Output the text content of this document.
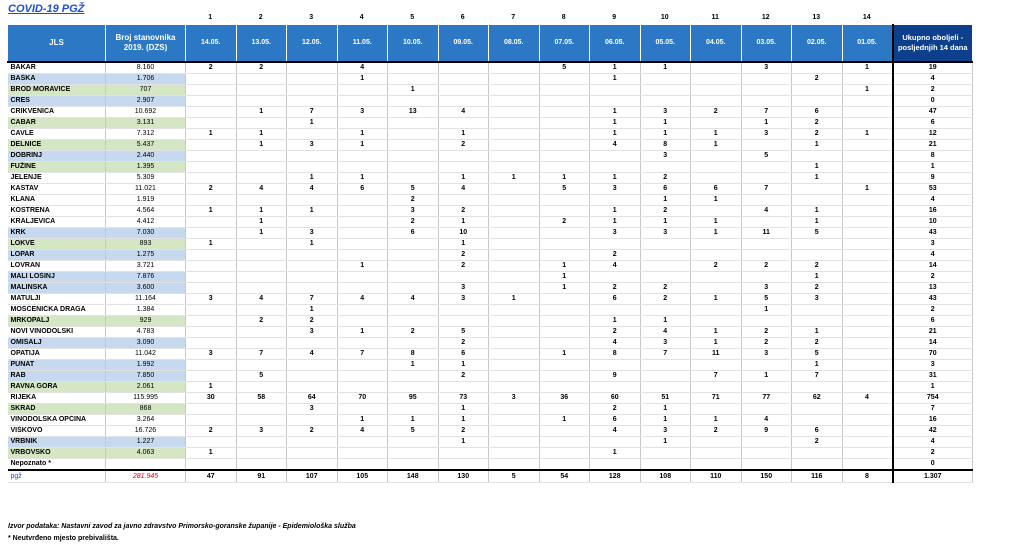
COVID-19 PGŽ
1	2	3	4	5	6	7	8	9	10	11	12	13	14
JLS	Broj stanovnika 2019. (DZS)	14.05.	13.05.	12.05.	11.05.	10.05.	09.05.	08.05.	07.05.	06.05.	05.05.	04.05.	03.05.	02.05.	01.05.	Ukupno oboljeli - posljednjih 14 dana
BAKAR	8.160	2	2		4				5	1	1		3		1	19
BAŠKA	1.706				1					1				2		4
BROD MORAVICE	707					1									1	2
CRES	2.907															0
CRIKVENICA	10.692		1	7	3	13	4			1	3	2	7	6		47
ČABAR	3.131			1						1	1		1	2		6
ČAVLE	7.312	1	1		1		1			1	1	1	3	2	1	12
DELNICE	5.437		1	3	1		2			4	8	1		1		21
DOBRINJ	2.440										3		5			8
FUŽINE	1.395													1		1
JELENJE	5.309			1	1		1	1	1	1	2			1		9
KASTAV	11.021	2	4	4	6	5	4		5	3	6	6	7		1	53
KLANA	1.919					2					1	1				4
KOSTRENA	4.564	1	1	1		3	2			1	2		4	1		16
KRALJEVICA	4.412		1			2	1		2	1	1	1		1		10
KRK	7.030		1	3		6	10			3	3	1	11	5		43
LOKVE	893	1		1			1									3
LOPAR	1.275						2			2						4
LOVRAN	3.721				1		2		1	4		2	2	2		14
MALI LOŠINJ	7.876								1					1		2
MALINSKA	3.600						3		1	2	2		3	2		13
MATULJI	11.164	3	4	7	4	4	3	1		6	2	1	5	3		43
MOŠĆENIČKA DRAGA	1.384			1									1			2
MRKOPALJ	929		2	2						1	1					6
NOVI VINODOLSKI	4.783			3	1	2	5			2	4	1	2	1		21
OMIŠALJ	3.090						2			4	3	1	2	2		14
OPATIJA	11.042	3	7	4	7	8	6		1	8	7	11	3	5		70
PUNAT	1.992					1	1							1		3
RAB	7.850		5				2			9		7	1	7		31
RAVNA GORA	2.061	1														1
RIJEKA	115.995	30	58	64	70	95	73	3	36	60	51	71	77	62	4	754
SKRAD	868			3			1			2	1					7
VINODOLSKA OPĆINA	3.264				1	1	1		1	6	1	1	4			16
VIŠKOVO	16.726	2	3	2	4	5	2			4	3	2	9	6		42
VRBNIK	1.227						1				1			2		4
VRBOVSKO	4.063	1								1						2
Nepoznato *																0
pgž	281.945	47	91	107	105	148	130	5	54	128	108	110	150	116	8	1.307
Izvor podataka: Nastavni zavod za javno zdravstvo Primorsko-goranske županije - Epidemiološka služba
* Neutvrđeno mjesto prebivališta.
